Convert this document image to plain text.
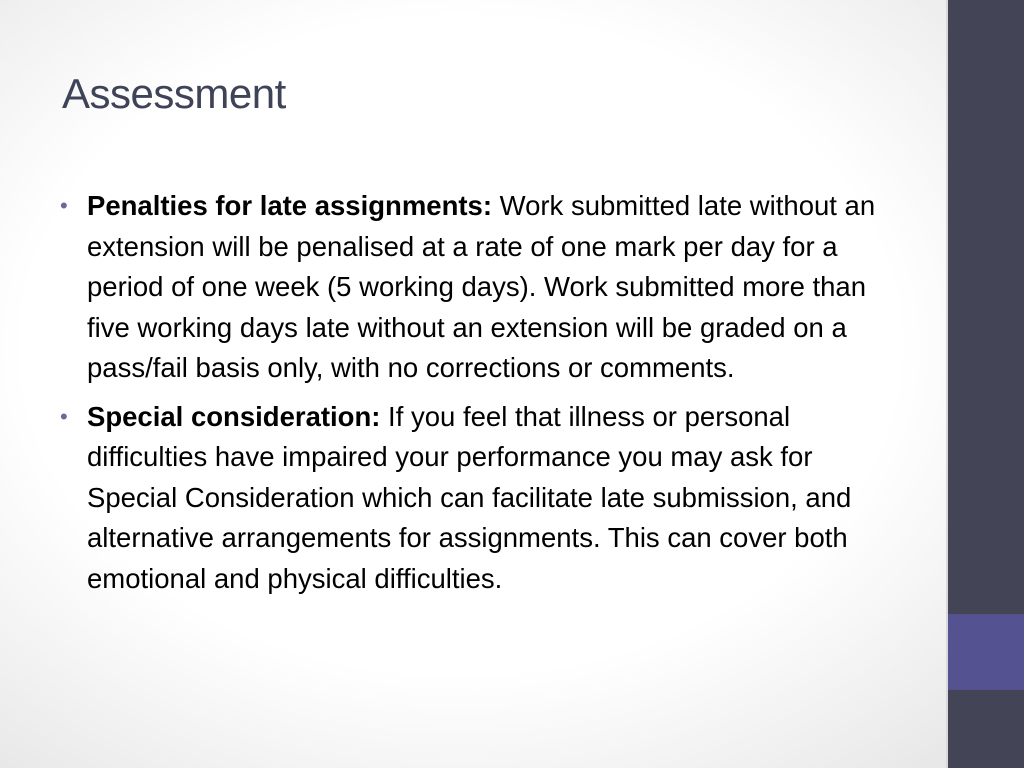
Assessment
• Penalties for late assignments: Work submitted late without an extension will be penalised at a rate of one mark per day for a period of one week (5 working days). Work submitted more than five working days late without an extension will be graded on a pass/fail basis only, with no corrections or comments.
• Special consideration: If you feel that illness or personal difficulties have impaired your performance you may ask for Special Consideration which can facilitate late submission, and alternative arrangements for assignments. This can cover both emotional and physical difficulties.
